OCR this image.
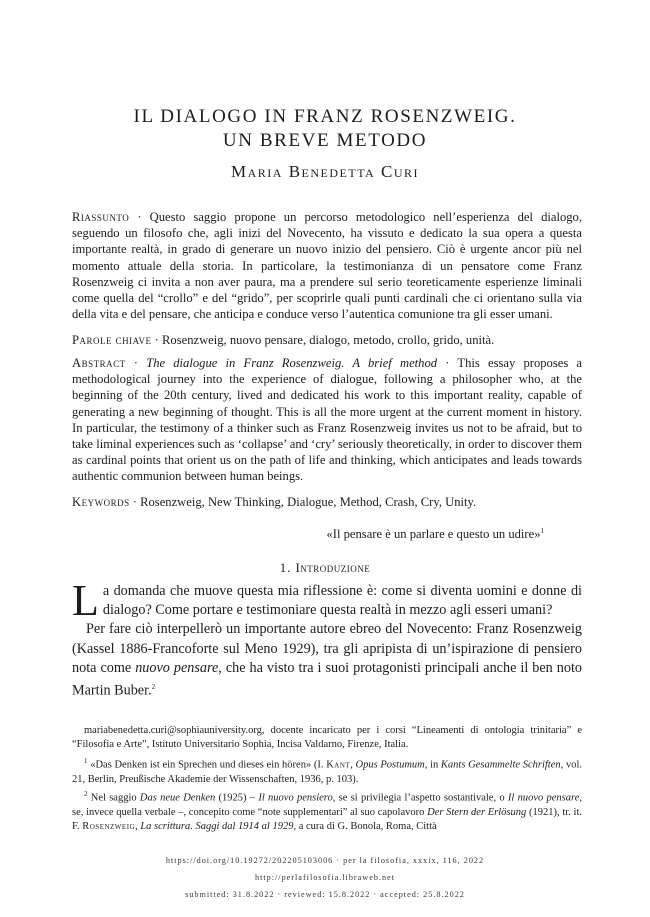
IL DIALOGO IN FRANZ ROSENZWEIG.
UN BREVE METODO
Maria Benedetta Curi
Riassunto · Questo saggio propone un percorso metodologico nell’esperienza del dialogo, seguendo un filosofo che, agli inizi del Novecento, ha vissuto e dedicato la sua opera a questa importante realtà, in grado di generare un nuovo inizio del pensiero. Ciò è urgente ancor più nel momento attuale della storia. In particolare, la testimonianza di un pensatore come Franz Rosenzweig ci invita a non aver paura, ma a prendere sul serio teoreticamente esperienze liminali come quella del “crollo” e del “grido”, per scoprirle quali punti cardinali che ci orientano sulla via della vita e del pensare, che anticipa e conduce verso l’autentica comunione tra gli esser umani.
Parole chiave · Rosenzweig, nuovo pensare, dialogo, metodo, crollo, grido, unità.
Abstract · The dialogue in Franz Rosenzweig. A brief method · This essay proposes a methodological journey into the experience of dialogue, following a philosopher who, at the beginning of the 20th century, lived and dedicated his work to this important reality, capable of generating a new beginning of thought. This is all the more urgent at the current moment in history. In particular, the testimony of a thinker such as Franz Rosenzweig invites us not to be afraid, but to take liminal experiences such as ‘collapse’ and ‘cry’ seriously theoretically, in order to discover them as cardinal points that orient us on the path of life and thinking, which anticipates and leads towards authentic communion between human beings.
Keywords · Rosenzweig, New Thinking, Dialogue, Method, Crash, Cry, Unity.
«Il pensare è un parlare e questo un udire»$^1$
1. Introduzione

La domanda che muove questa mia riflessione è: come si diventa uomini e donne di dialogo? Come portare e testimoniare questa realtà in mezzo agli esseri umani?

Per fare ciò interpellerò un importante autore ebreo del Novecento: Franz Rosenzweig (Kassel 1886-Francoforte sul Meno 1929), tra gli apripista di un’ispirazione di pensiero nota come nuovo pensare, che ha visto tra i suoi protagonisti principali anche il ben noto Martin Buber.$^2$

mariabenedetta.curi@sophiauniversity.org, docente incaricato per i corsi “Lineamenti di ontologia trinitaria” e “Filosofia e Arte”, Istituto Universitario Sophia, Incisa Valdarno, Firenze, Italia.

$^1$ «Das Denken ist ein Sprechen und dieses ein hören» (I. Kant, Opus Postumum, in Kants Gesammelte Schriften, vol. 21, Berlin, Preußische Akademie der Wissenschaften, 1936, p. 103).

$^2$ Nel saggio Das neue Denken (1925) – Il nuovo pensiero, se si privilegia l’aspetto sostantivale, o Il nuovo pensare, se, invece quella verbale –, concepito come “note supplementari” al suo capolavoro Der Stern der Erlösung (1921), tr. it. F. Rosenzweig, La scrittura. Saggi dal 1914 al 1929, a cura di G. Bonola, Roma, Città

https://doi.org/10.19272/202205103006 · per la filosofia, xxxix, 116, 2022
http://perlafilosofia.libraweb.net
submitted: 31.8.2022 · reviewed: 15.8.2022 · accepted: 25.8.2022
